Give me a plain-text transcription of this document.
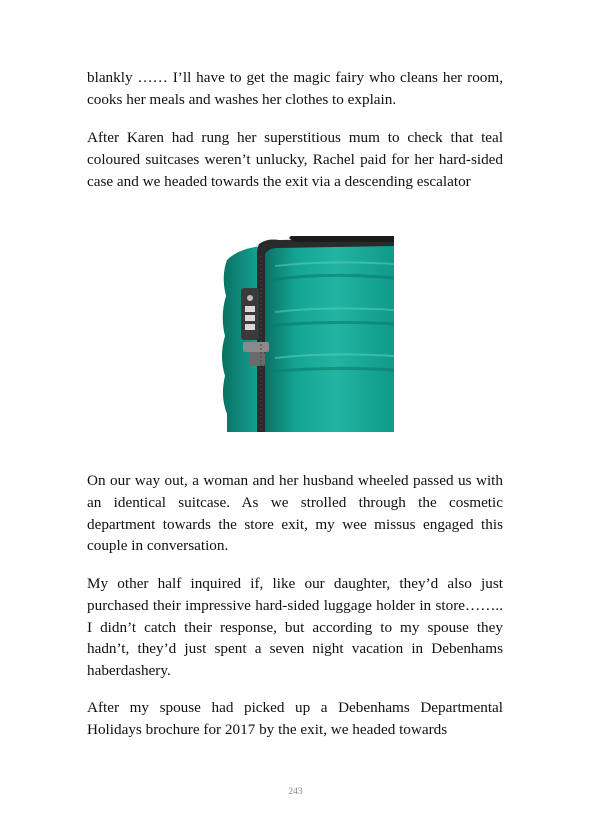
blankly …… I’ll have to get the magic fairy who cleans her room, cooks her meals and washes her clothes to explain.

After Karen had rung her superstitious mum to check that teal coloured suitcases weren’t unlucky, Rachel paid for her hard-sided case and we headed towards the exit via a descending escalator

On our way out, a woman and her husband wheeled passed us with an identical suitcase. As we strolled through the cosmetic department towards the store exit, my wee missus engaged this couple in conversation.

My other half inquired if, like our daughter, they’d also just purchased their impressive hard-sided luggage holder in store…….. I didn’t catch their response, but according to my spouse they hadn’t, they’d just spent a seven night vacation in Debenhams haberdashery.

After my spouse had picked up a Debenhams Departmental Holidays brochure for 2017 by the exit, we headed towards

243
